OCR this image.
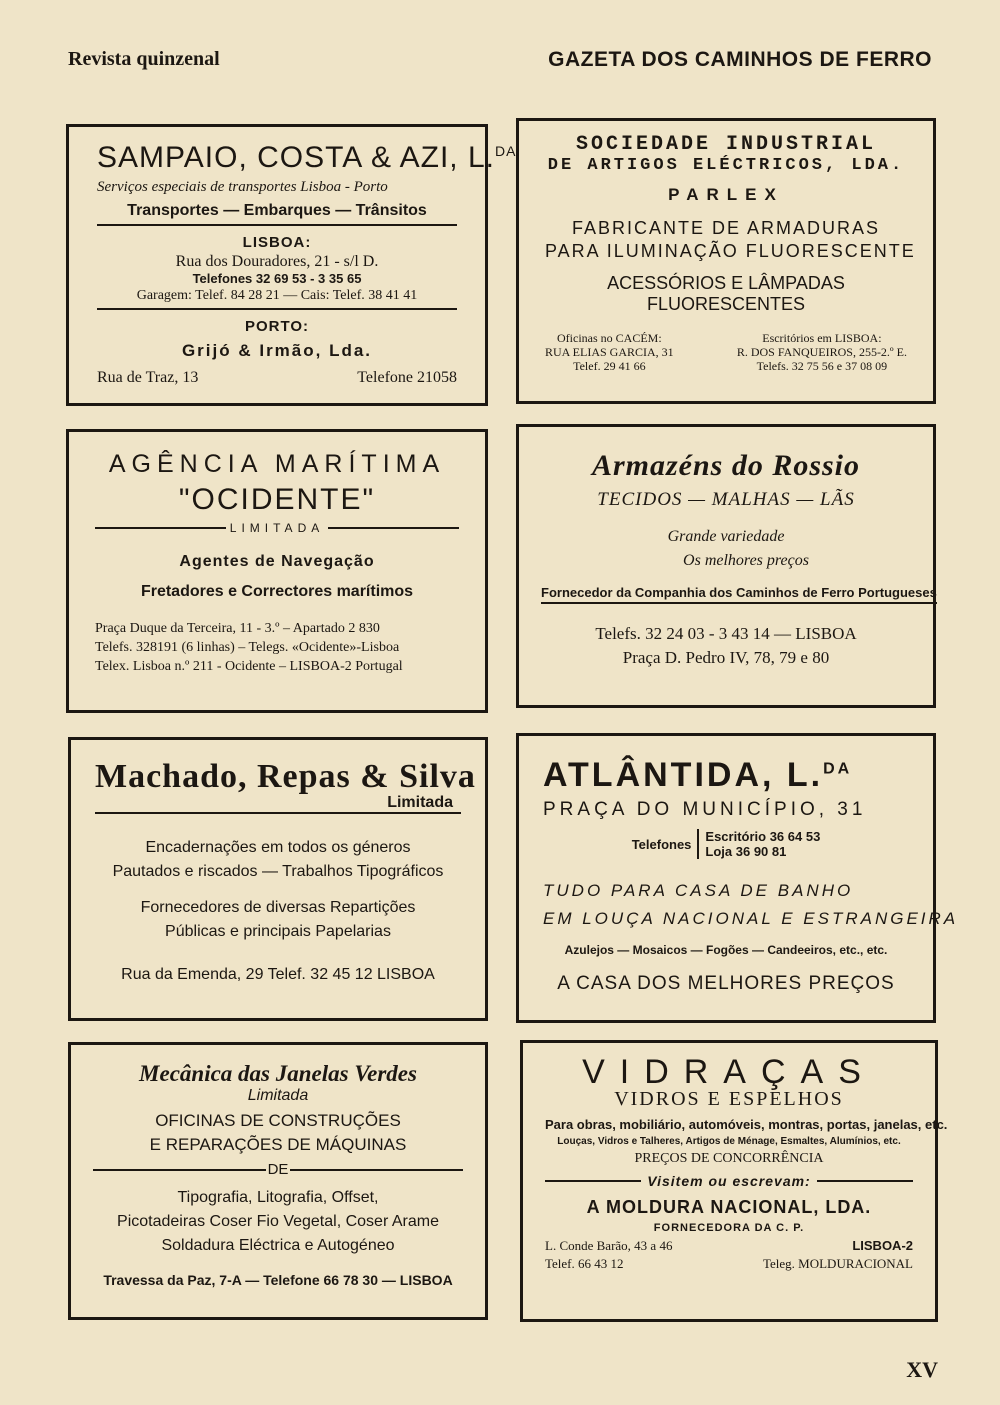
Revista quinzenal	GAZETA DOS CAMINHOS DE FERRO
SAMPAIO, COSTA & AZI, L.$^{DA}$
Serviços especiais de transportes Lisboa - Porto
Transportes — Embarques — Trânsitos
LISBOA:
Rua dos Douradores, 21 - s/l D.
Telefones 32 69 53 - 3 35 65
Garagem: Telef. 84 28 21 — Cais: Telef. 38 41 41
PORTO:
Grijó & Irmão, Lda.
Rua de Traz, 13	Telefone 21058
SOCIEDADE INDUSTRIAL
DE ARTIGOS ELÉCTRICOS, LDA.
PARLEX
FABRICANTE DE ARMADURAS
PARA ILUMINAÇÃO FLUORESCENTE
ACESSÓRIOS E LÂMPADAS
FLUORESCENTES
Oficinas no CACÉM:
RUA ELIAS GARCIA, 31
Telef. 29 41 66
Escritórios em LISBOA:
R. DOS FANQUEIROS, 255-2.º E.
Telefs. 32 75 56 e 37 08 09
AGÊNCIA MARÍTIMA
"OCIDENTE"
LIMITADA
Agentes de Navegação
Fretadores e Correctores marítimos
Praça Duque da Terceira, 11 - 3.º – Apartado 2 830
Telefs. 328191 (6 linhas) – Telegs. «Ocidente»-Lisboa
Telex. Lisboa n.º 211 - Ocidente – LISBOA-2 Portugal
Armazéns do Rossio
TECIDOS — MALHAS — LÃS
Grande variedade
Os melhores preços
Fornecedor da Companhia dos Caminhos de Ferro Portugueses
Telefs. 32 24 03 - 3 43 14 — LISBOA
Praça D. Pedro IV, 78, 79 e 80
Machado, Repas & Silva
Limitada
Encadernações em todos os géneros
Pautados e riscados — Trabalhos Tipográficos
Fornecedores de diversas Repartições
Públicas e principais Papelarias
Rua da Emenda, 29 Telef. 32 45 12 LISBOA
ATLÂNTIDA, L.$^{DA}$
PRAÇA DO MUNICÍPIO, 31
Telefones Escritório 36 64 53
Loja 36 90 81
TUDO PARA CASA DE BANHO
EM LOUÇA NACIONAL E ESTRANGEIRA
Azulejos — Mosaicos — Fogões — Candeeiros, etc., etc.
A CASA DOS MELHORES PREÇOS
Mecânica das Janelas Verdes
Limitada
OFICINAS DE CONSTRUÇÕES
E REPARAÇÕES DE MÁQUINAS
DE
Tipografia, Litografia, Offset,
Picotadeiras Coser Fio Vegetal, Coser Arame
Soldadura Eléctrica e Autogéneo
Travessa da Paz, 7-A — Telefone 66 78 30 — LISBOA
VIDRAÇAS
VIDROS E ESPELHOS
Para obras, mobiliário, automóveis, montras, portas, janelas, etc.
Louças, Vidros e Talheres, Artigos de Ménage, Esmaltes, Alumínios, etc.
PREÇOS DE CONCORRÊNCIA
Visitem ou escrevam:
A MOLDURA NACIONAL, LDA.
FORNECEDORA DA C. P.
L. Conde Barão, 43 a 46	LISBOA-2
Telef. 66 43 12	Teleg. MOLDURACIONAL
XV
